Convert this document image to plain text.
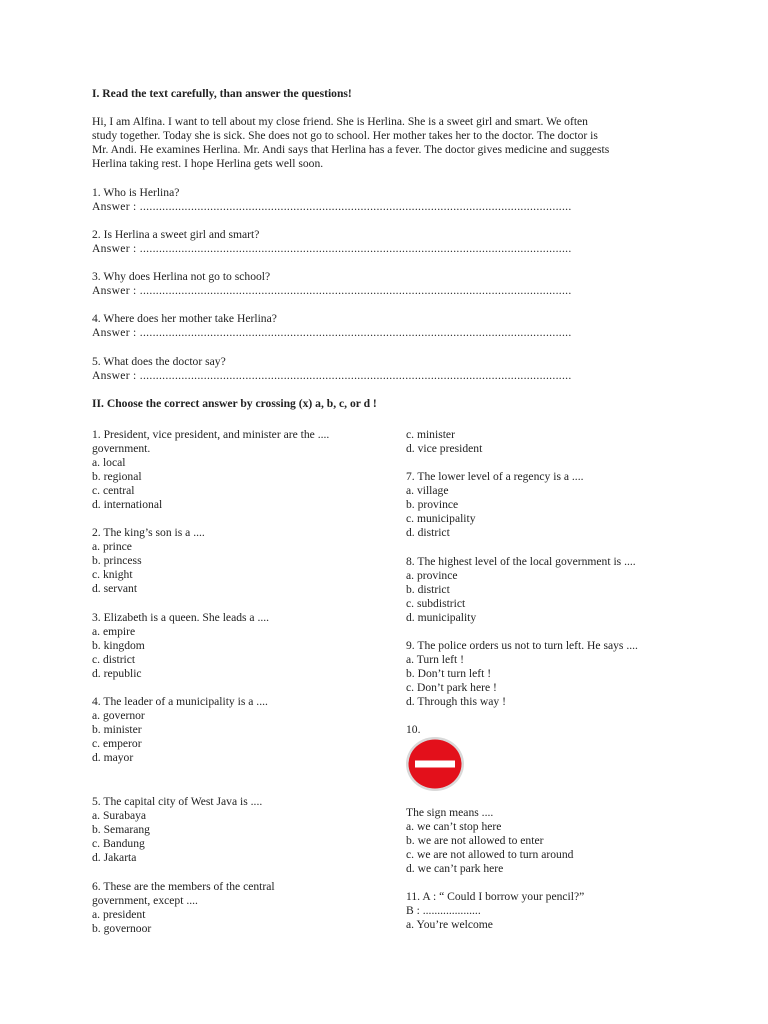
I. Read the text carefully, than answer the questions!
Hi, I am Alfina. I want to tell about my close friend. She is Herlina. She is a sweet girl and smart. We often
study together. Today she is sick. She does not go to school. Her mother takes her to the doctor. The doctor is
Mr. Andi. He examines Herlina. Mr. Andi says that Herlina has a fever. The doctor gives medicine and suggests
Herlina taking rest. I hope Herlina gets well soon.
1. Who is Herlina?
Answer : .......................................................................................................................................
2. Is Herlina a sweet girl and smart?
Answer : .......................................................................................................................................
3. Why does Herlina not go to school?
Answer : .......................................................................................................................................
4. Where does her mother take Herlina?
Answer : .......................................................................................................................................
5. What does the doctor say?
Answer : .......................................................................................................................................
II. Choose the correct answer by crossing (x) a, b, c, or d !
1. President, vice president, and minister are the ....
government.
a. local
b. regional
c. central
d. international
2. The king’s son is a ....
a. prince
b. princess
c. knight
d. servant
3. Elizabeth is a queen. She leads a ....
a. empire
b. kingdom
c. district
d. republic
4. The leader of a municipality is a ....
a. governor
b. minister
c. emperor
d. mayor
5. The capital city of West Java is ....
a. Surabaya
b. Semarang
c. Bandung
d. Jakarta
6. These are the members of the central
government, except ....
a. president
b. governoor
c. minister
d. vice president
7. The lower level of a regency is a ....
a. village
b. province
c. municipality
d. district
8. The highest level of the local government is ....
a. province
b. district
c. subdistrict
d. municipality
9. The police orders us not to turn left. He says ....
a. Turn left !
b. Don’t turn left !
c. Don’t park here !
d. Through this way !
10.
The sign means ....
a. we can’t stop here
b. we are not allowed to enter
c. we are not allowed to turn around
d. we can’t park here
11. A : “ Could I borrow your pencil?”
B : ....................
a. You’re welcome
